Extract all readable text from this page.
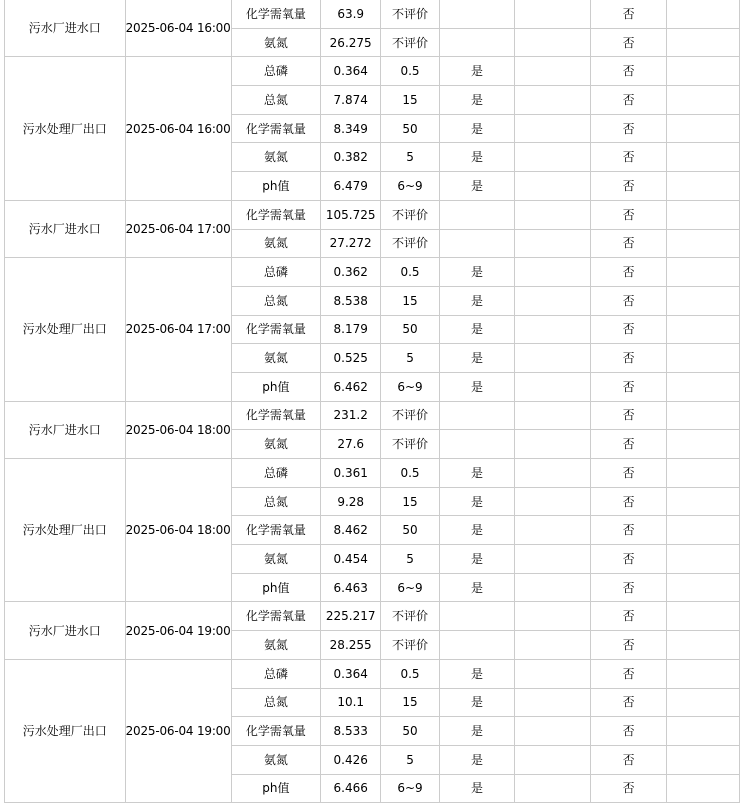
污水厂进水口	2025-06-04 16:00	化学需氧量	63.9	不评价			否	
		氨氮	26.275	不评价			否	
污水处理厂出口	2025-06-04 16:00	总磷	0.364	0.5	是		否	
		总氮	7.874	15	是		否	
		化学需氧量	8.349	50	是		否	
		氨氮	0.382	5	是		否	
		ph值	6.479	6~9	是		否	
污水厂进水口	2025-06-04 17:00	化学需氧量	105.725	不评价			否	
		氨氮	27.272	不评价			否	
污水处理厂出口	2025-06-04 17:00	总磷	0.362	0.5	是		否	
		总氮	8.538	15	是		否	
		化学需氧量	8.179	50	是		否	
		氨氮	0.525	5	是		否	
		ph值	6.462	6~9	是		否	
污水厂进水口	2025-06-04 18:00	化学需氧量	231.2	不评价			否	
		氨氮	27.6	不评价			否	
污水处理厂出口	2025-06-04 18:00	总磷	0.361	0.5	是		否	
		总氮	9.28	15	是		否	
		化学需氧量	8.462	50	是		否	
		氨氮	0.454	5	是		否	
		ph值	6.463	6~9	是		否	
污水厂进水口	2025-06-04 19:00	化学需氧量	225.217	不评价			否	
		氨氮	28.255	不评价			否	
污水处理厂出口	2025-06-04 19:00	总磷	0.364	0.5	是		否	
		总氮	10.1	15	是		否	
		化学需氧量	8.533	50	是		否	
		氨氮	0.426	5	是		否	
		ph值	6.466	6~9	是		否	
